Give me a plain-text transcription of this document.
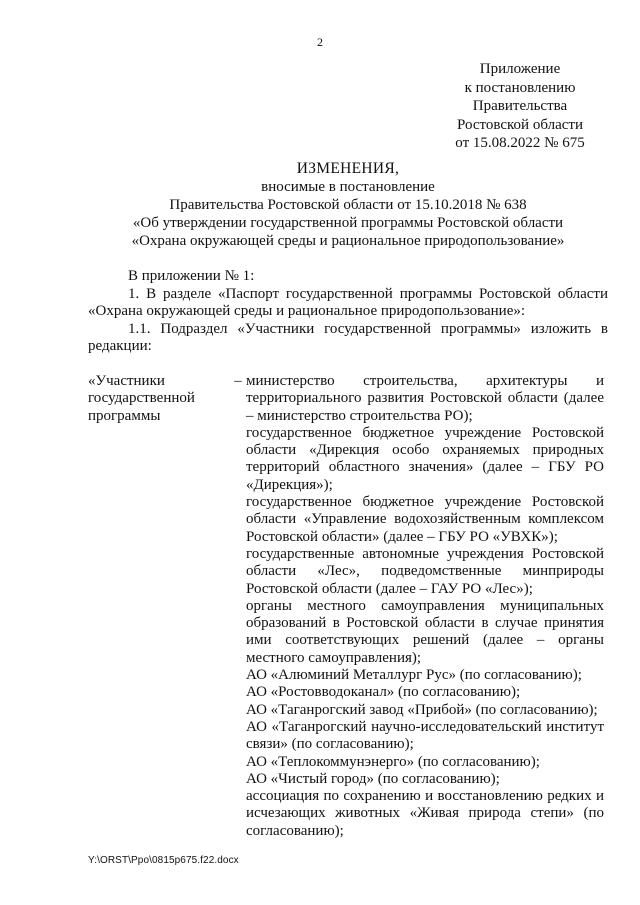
2
Приложение
к постановлению
Правительства
Ростовской области
от 15.08.2022 № 675
ИЗМЕНЕНИЯ,
вносимые в постановление
Правительства Ростовской области от 15.10.2018 № 638
«Об утверждении государственной программы Ростовской области
«Охрана окружающей среды и рациональное природопользование»

В приложении № 1:

1. В разделе «Паспорт государственной программы Ростовской области «Охрана окружающей среды и рациональное природопользование»:

1.1. Подраздел «Участники государственной программы» изложить в редакции:

«Участники государственной программы
– министерство строительства, архитектуры и территориального развития Ростовской области (далее – министерство строительства РО);

государственное бюджетное учреждение Ростовской области «Дирекция особо охраняемых природных территорий областного значения» (далее – ГБУ РО «Дирекция»);

государственное бюджетное учреждение Ростовской области «Управление водохозяйственным комплексом Ростовской области» (далее – ГБУ РО «УВХК»);

государственные автономные учреждения Ростовской области «Лес», подведомственные минприроды Ростовской области (далее – ГАУ РО «Лес»);

органы местного самоуправления муниципальных образований в Ростовской области в случае принятия ими соответствующих решений (далее – органы местного самоуправления);

АО «Алюминий Металлург Рус» (по согласованию);

АО «Ростовводоканал» (по согласованию);

АО «Таганрогский завод «Прибой» (по согласованию);

АО «Таганрогский научно-исследовательский институт связи» (по согласованию);

АО «Теплокоммунэнерго» (по согласованию);

АО «Чистый город» (по согласованию);

ассоциация по сохранению и восстановлению редких и исчезающих животных «Живая природа степи» (по согласованию);

Y:\ORST\Ppo\0815p675.f22.docx
